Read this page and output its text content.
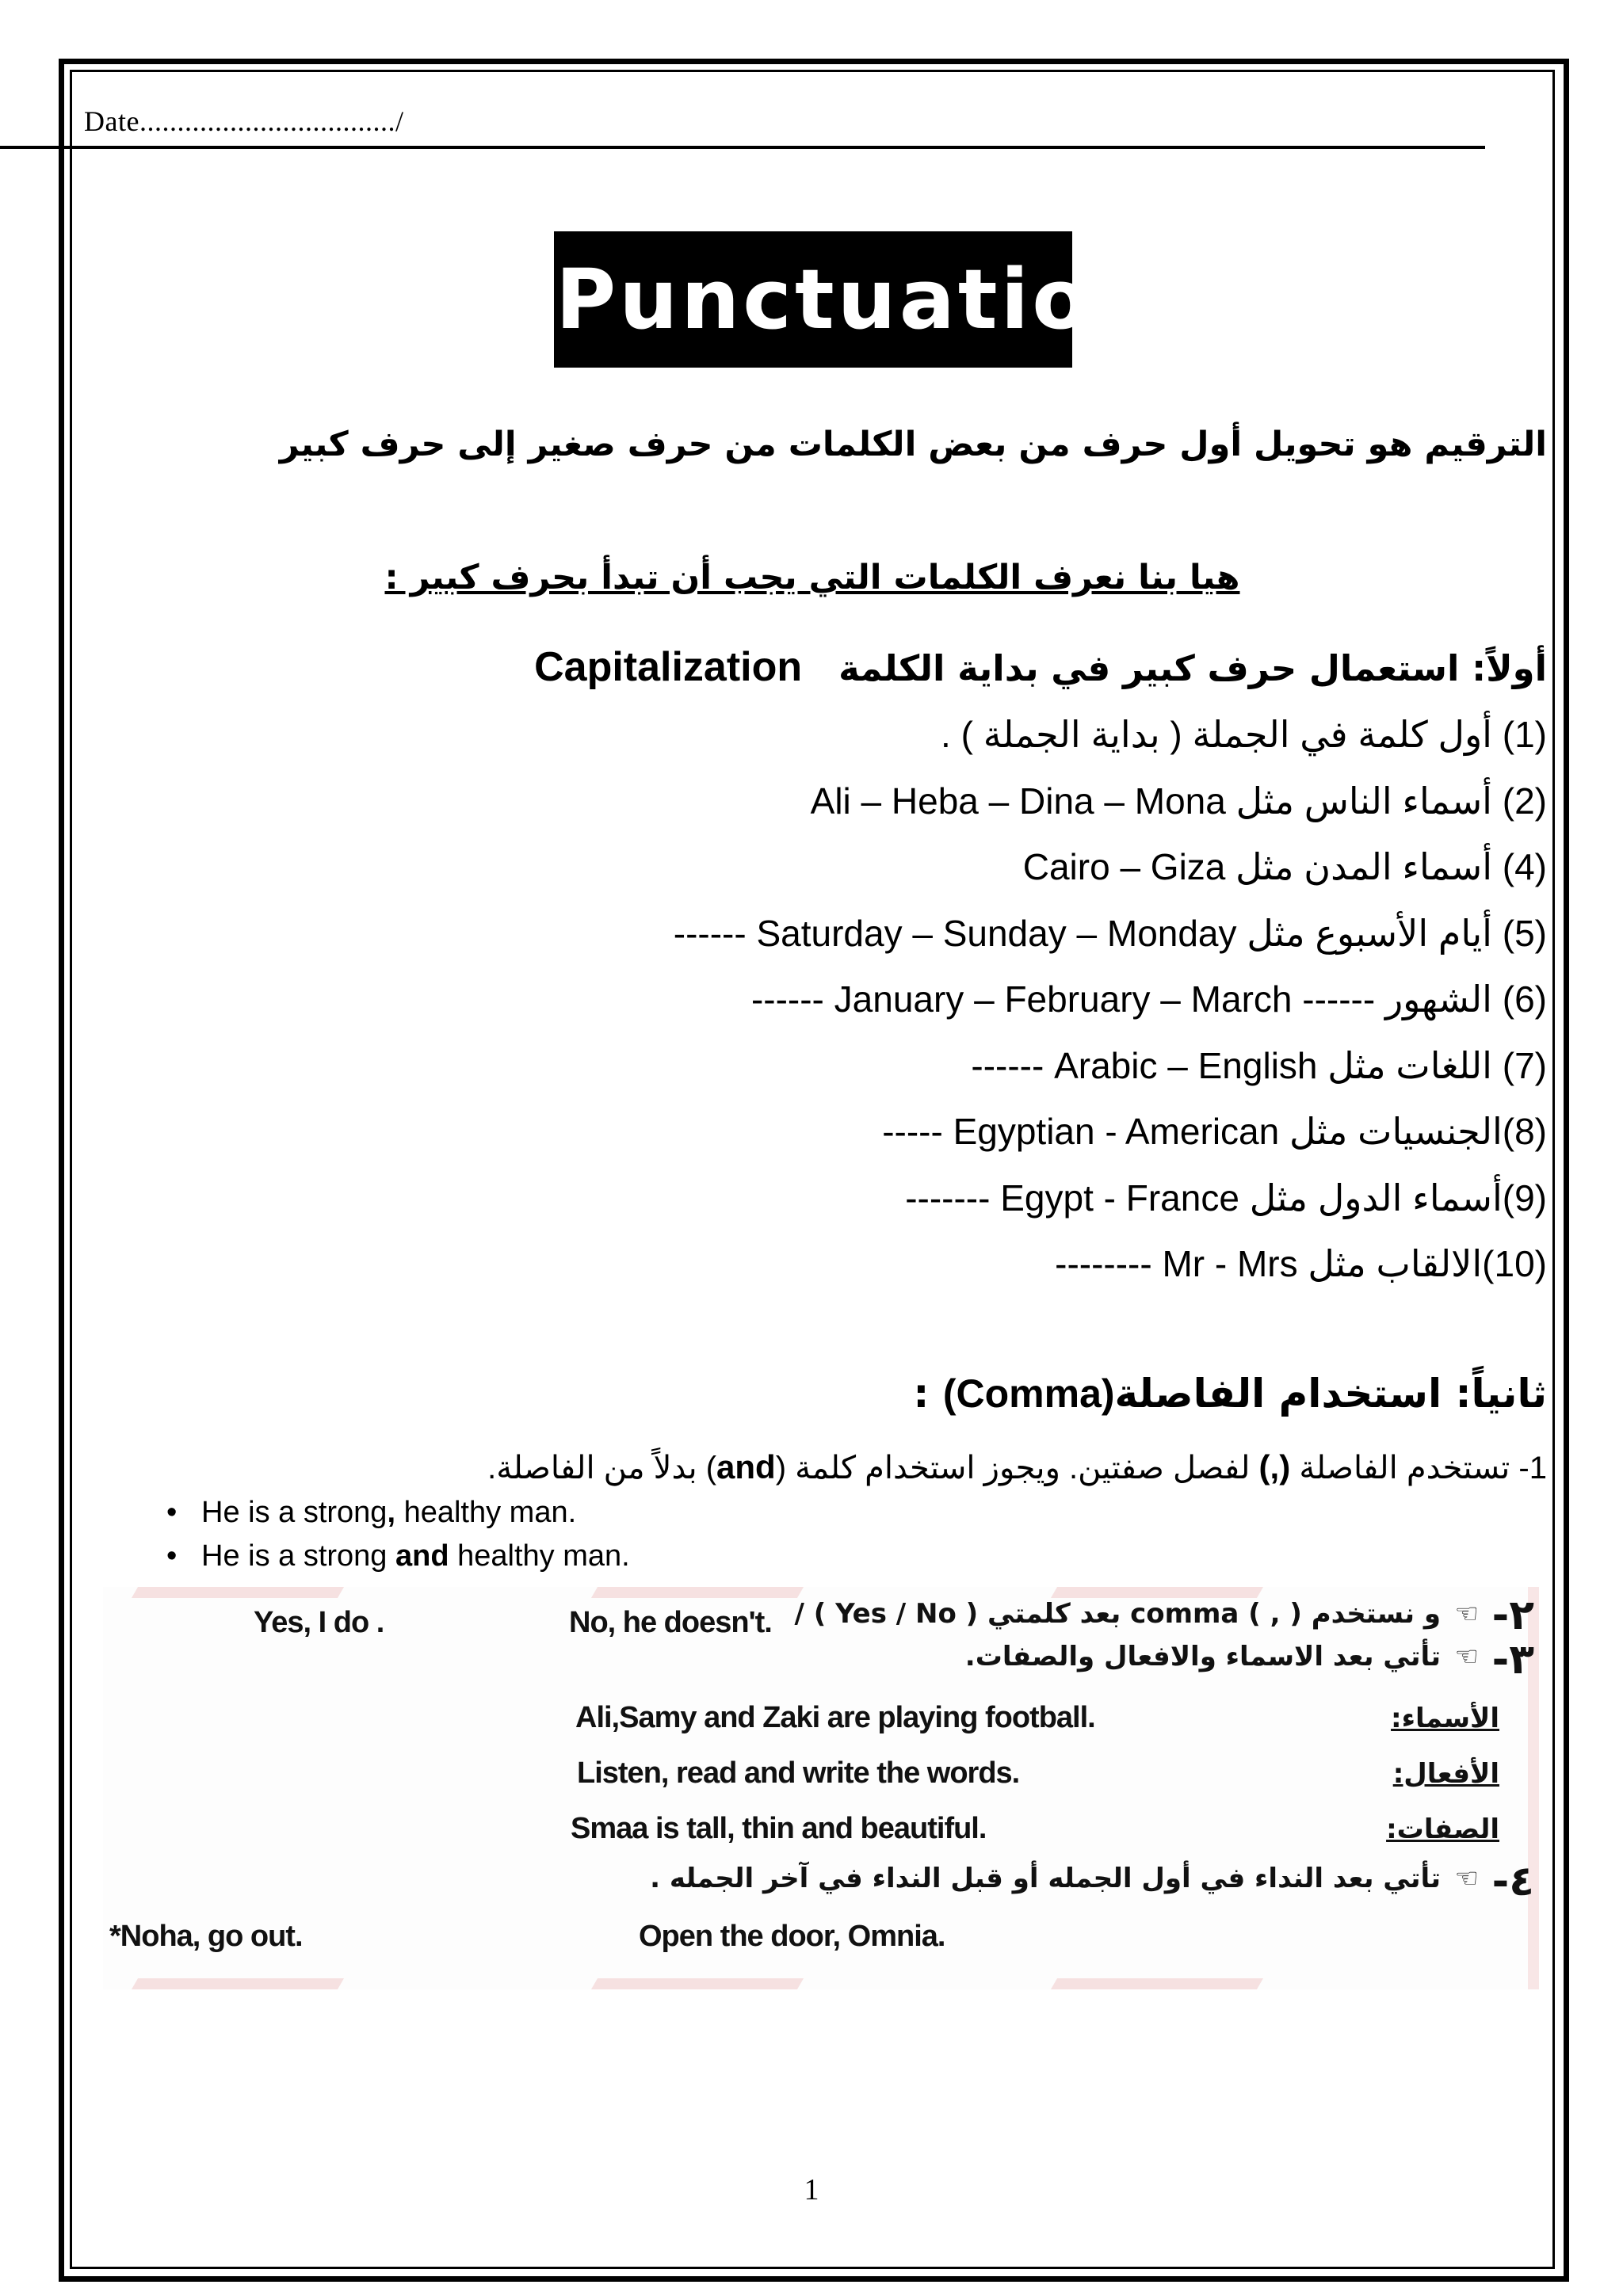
Date................................../
Punctuation
الترقيم هو تحويل أول حرف من بعض الكلمات من حرف صغير إلى حرف كبير
هيا بنا نعرف الكلمات التي يجب أن تبدأ بحرف كبير :
أولاً: استعمال حرف كبير في بداية الكلمةCapitalization
(1) أول كلمة في الجملة ( بداية الجملة ) .
(2) أسماء الناس مثل Ali – Heba – Dina – Mona
(4) أسماء المدن مثل Cairo – Giza
(5) أيام الأسبوع مثل ------ Saturday – Sunday – Monday
(6) الشهور ------ January – February – March ------
(7) اللغات مثل ------ Arabic – English
(8)الجنسيات مثل ----- Egyptian - American
(9)أسماء الدول مثل ------- Egypt - France
(10)الالقاب مثل -------- Mr - Mrs
ثانياً: استخدام الفاصلة(Comma) :
1- تستخدم الفاصلة (,) لفصل صفتين. ويجوز استخدام كلمة (and) بدلاً من الفاصلة.
• He is a strong, healthy man.
• He is a strong and healthy man.
-٢
☜
و نستخدم ( , ) comma بعد كلمتي ( Yes / No ) /
Yes, I do .	No, he doesn't.
-٣
☜
تأتي بعد الاسماء والافعال والصفات.
الأسماء:
Ali,Samy and Zaki are playing football.
الأفعال:
Listen, read and write the words.
الصفات:
Smaa is tall, thin and beautiful.
-٤
☜
تأتي بعد النداء في أول الجمله أو قبل النداء في آخر الجمله .
*Noha, go out.	Open the door, Omnia.
1
